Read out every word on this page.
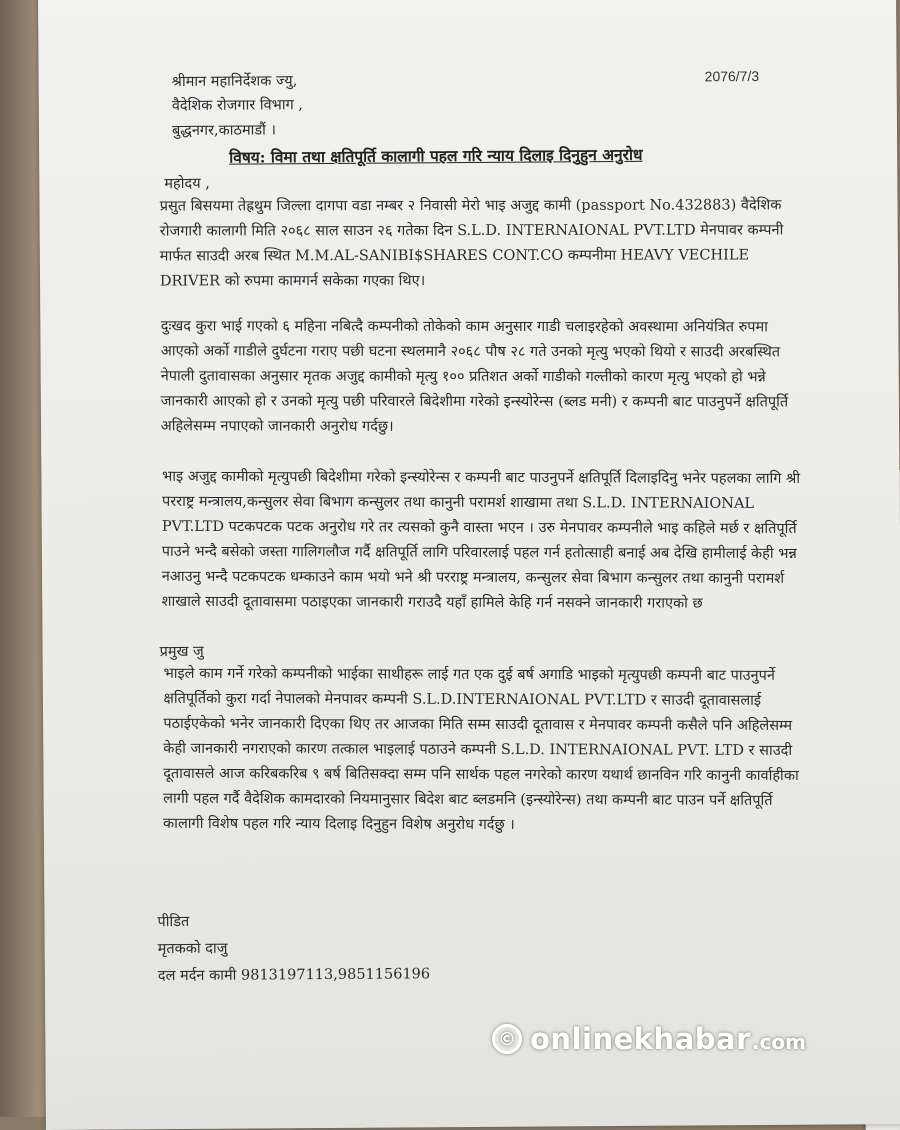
श्रीमान महानिर्देशक ज्यु,
वैदेशिक रोजगार विभाग ,
बुद्धनगर,काठमाडौं ।
2076/7/3
विषय: विमा तथा क्षतिपूर्ति कालागी पहल गरि न्याय दिलाइ दिनुहुन अनुरोध
महोदय ,
प्रसुत बिसयमा तेह्रथुम जिल्ला दागपा वडा नम्बर २ निवासी मेरो भाइ अजुद्द कामी (passport No.432883) वैदेशिक रोजगारी कालागी मिति २०६८ साल साउन २६ गतेका दिन S.L.D. INTERNAIONAL PVT.LTD मेनपावर कम्पनी मार्फत साउदी अरब स्थित M.M.AL-SANIBI$SHARES CONT.CO कम्पनीमा HEAVY VECHILE DRIVER को रुपमा कामगर्न सकेका गएका थिए।
दुःखद कुरा भाई गएको ६ महिना नबित्दै कम्पनीको तोकेको काम अनुसार गाडी चलाइरहेको अवस्थामा अनियंत्रित रुपमा आएको अर्को गाडीले दुर्घटना गराए पछी घटना स्थलमानै २०६८ पौष २८ गते उनको मृत्यु भएको थियो र साउदी अरबस्थित नेपाली दुतावासका अनुसार मृतक अजुद्द कामीको मृत्यु १०० प्रतिशत अर्को गाडीको गल्तीको कारण मृत्यु भएको हो भन्ने जानकारी आएको हो र उनको मृत्यु पछी परिवारले बिदेशीमा गरेको इन्स्योरेन्स (ब्लड मनी) र कम्पनी बाट पाउनुपर्ने क्षतिपूर्ति अहिलेसम्म नपाएको जानकारी अनुरोध गर्दछु।
भाइ अजुद्द कामीको मृत्युपछी बिदेशीमा गरेको इन्स्योरेन्स र कम्पनी बाट पाउनुपर्ने क्षतिपूर्ति दिलाइदिनु भनेर पहलका लागि श्री परराष्ट्र मन्त्रालय,कन्सुलर सेवा बिभाग कन्सुलर तथा कानुनी परामर्श शाखामा तथा S.L.D. INTERNAIONAL PVT.LTD पटकपटक पटक अनुरोध गरे तर त्यसको कुनै वास्ता भएन । उरु मेनपावर कम्पनीले भाइ कहिले मर्छ र क्षतिपूर्ति पाउने भन्दै बसेको जस्ता गालिगलौज गर्दै क्षतिपूर्ति लागि परिवारलाई पहल गर्न हतोत्साही बनाई अब देखि हामीलाई केही भन्न नआउनु भन्दै पटकपटक धम्काउने काम भयो भने श्री परराष्ट्र मन्त्रालय, कन्सुलर सेवा बिभाग कन्सुलर तथा कानुनी परामर्श शाखाले साउदी दूतावासमा पठाइएका जानकारी गराउदै यहाँ हामिले केहि गर्न नसक्ने जानकारी गराएको छ
प्रमुख जु
भाइले काम गर्ने गरेको कम्पनीको भाईका साथीहरू लाई गत एक दुई बर्ष अगाडि भाइको मृत्युपछी कम्पनी बाट पाउनुपर्ने क्षतिपूर्तिको कुरा गर्दा नेपालको मेनपावर कम्पनी S.L.D.INTERNAIONAL PVT.LTD र साउदी दूतावासलाई पठाईएकेको भनेर जानकारी दिएका थिए तर आजका मिति सम्म साउदी दूतावास र मेनपावर कम्पनी कसैले पनि अहिलेसम्म केही जानकारी नगराएको कारण तत्काल भाइलाई पठाउने कम्पनी S.L.D. INTERNAIONAL PVT. LTD र साउदी दूतावासले आज करिबकरिब ९ बर्ष बितिसक्दा सम्म पनि सार्थक पहल नगरेको कारण यथार्थ छानविन गरि कानुनी कार्वाहीका लागी पहल गर्दै वैदेशिक कामदारको नियमानुसार बिदेश बाट ब्लडमनि (इन्स्योरेन्स) तथा कम्पनी बाट पाउन पर्ने क्षतिपूर्ति कालागी विशेष पहल गरि न्याय दिलाइ दिनुहुन विशेष अनुरोध गर्दछु ।
पीडित
मृतकको दाजु
दल मर्दन कामी 9813197113,9851156196
© onlinekhabar .com
